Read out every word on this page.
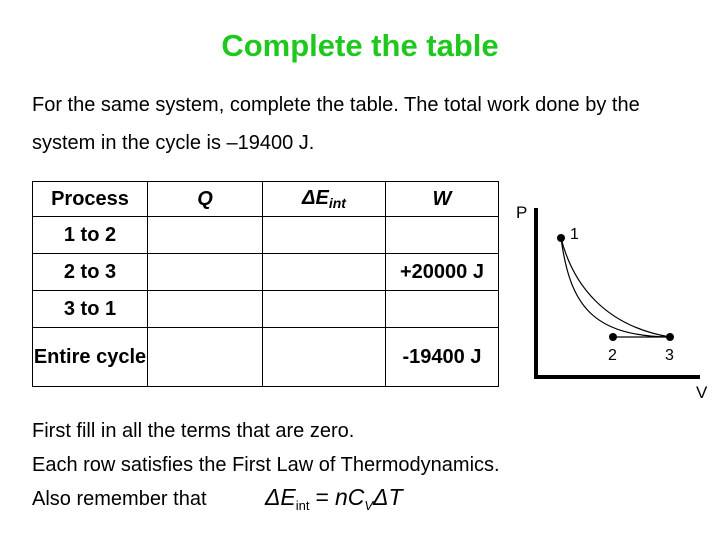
Complete the table
For the same system, complete the table. The total work done by the system in the cycle is –19400 J.
Process	Q	$\Delta E_{int}$	W
1 to 2			
2 to 3			+20000 J
3 to 1			
Entire cycle			-19400 J
P
V
1
2	3
First fill in all the terms that are zero.
Each row satisfies the First Law of Thermodynamics.
Also remember that	$\Delta E_{int} = nC_V\Delta T$
